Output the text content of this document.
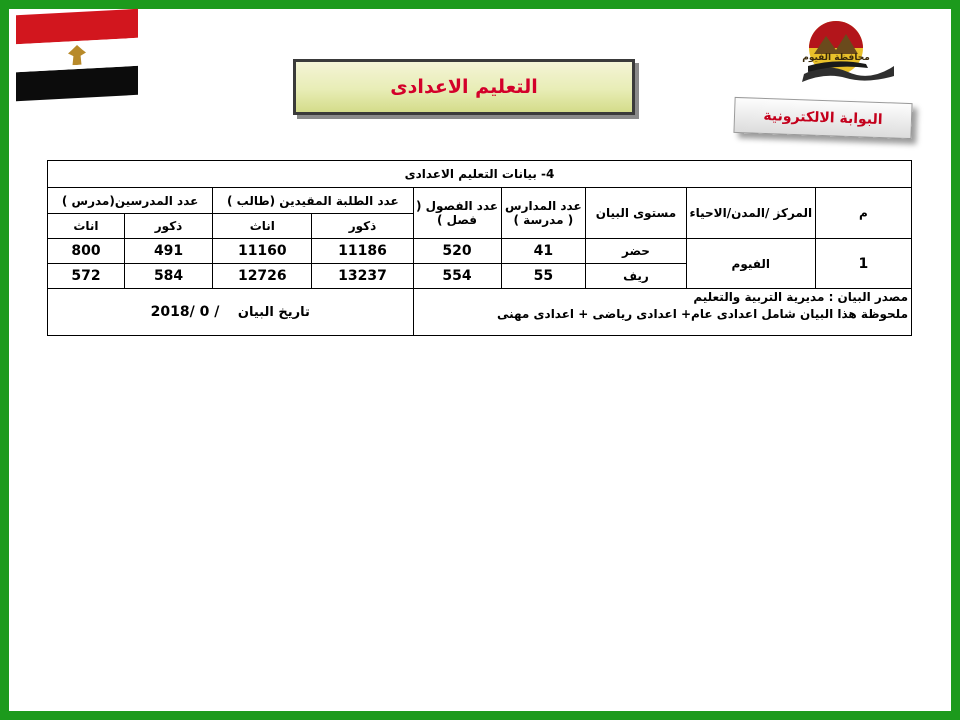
التعليم الاعدادى
محافظة الفيوم
البوابة الالكترونية
4- بيانات التعليم الاعدادى								
م	المركز /المدن/الاحياء	مستوى البيان	عدد المدارس ( مدرسة )	عدد الفصول ( فصل )	عدد الطلبة المقيدين (طالب )		عدد المدرسين(مدرس )	
					ذكور	اناث	ذكور	اناث
1	الفيوم	حضر	41	520	11186	11160	491	800
		ريف	55	554	13237	12726	584	572

مصدر البيان : مديرية التربية والتعليم
ملحوظة هذا البيان شامل اعدادى عام+ اعدادى رياضى + اعدادى مهنى					تاريخ البيان 2018/ 0 /			
